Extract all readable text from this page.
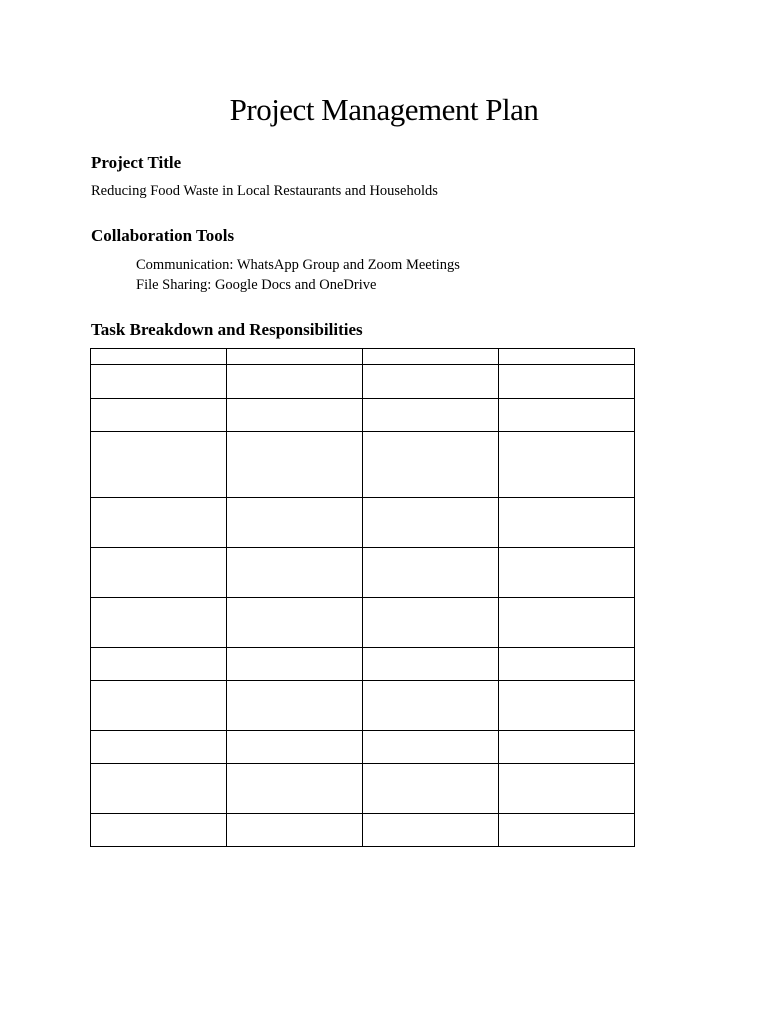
Project Management Plan
Project Title

Reducing Food Waste in Local Restaurants and Households

Collaboration Tools

Communication: WhatsApp Group and Zoom Meetings

File Sharing: Google Docs and OneDrive

Task Breakdown and Responsibilities
